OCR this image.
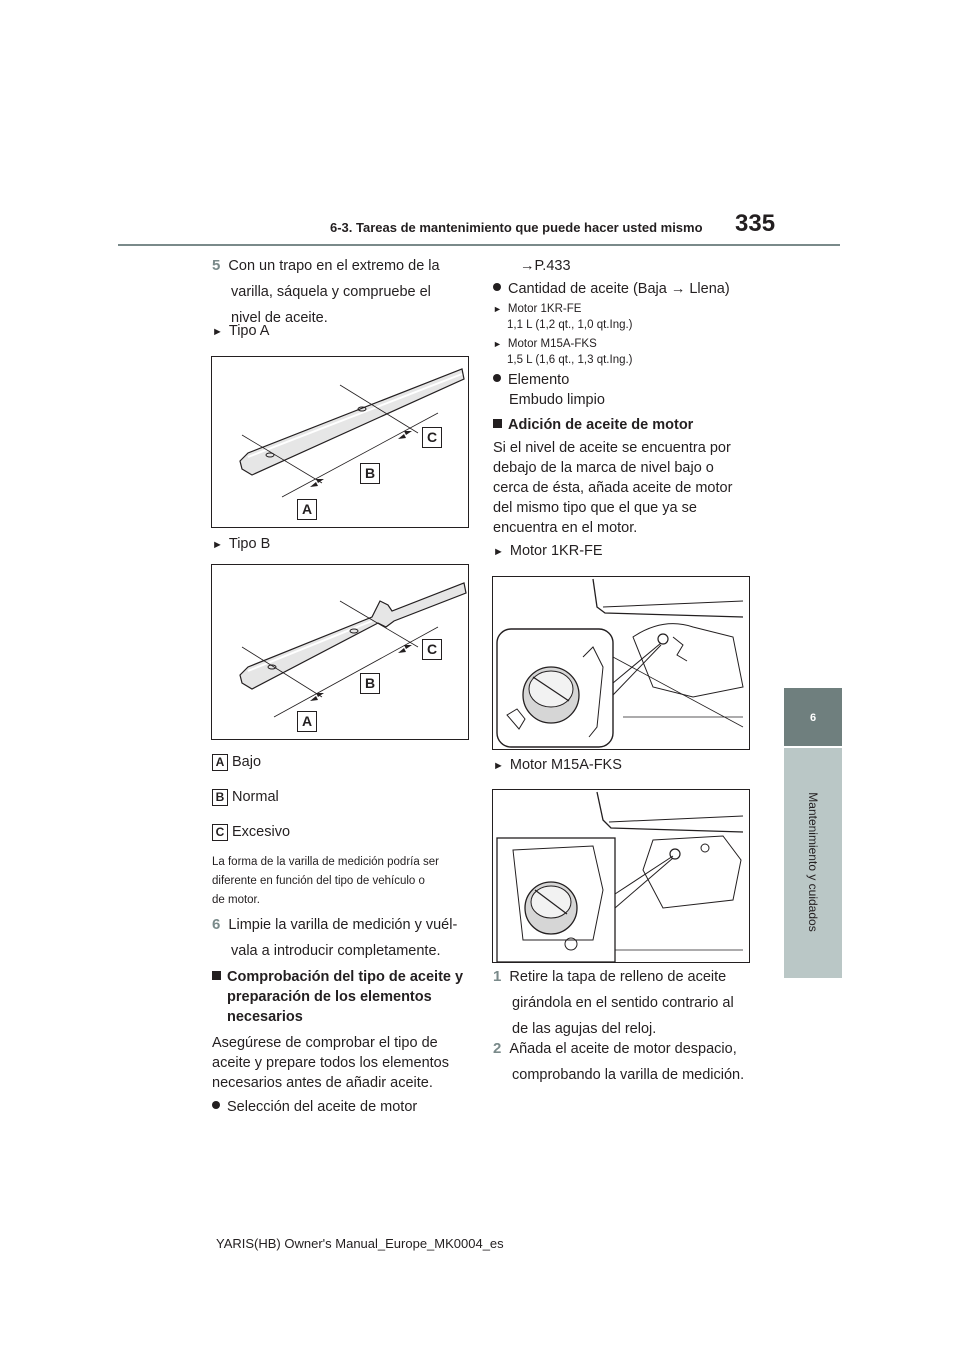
6-3. Tareas de mantenimiento que puede hacer usted mismo 335
6
Mantenimiento y cuidados
5 Con un trapo en el extremo de la
varilla, sáquela y compruebe el
nivel de aceite.
► Tipo A
C
B
A
► Tipo B
C
B
A
A Bajo
B Normal
C Excesivo
La forma de la varilla de medición podría ser
diferente en función del tipo de vehículo o
de motor.
6 Limpie la varilla de medición y vuél-
vala a introducir completamente.
Comprobación del tipo de aceite y
preparación de los elementos
necesarios
Asegúrese de comprobar el tipo de
aceite y prepare todos los elementos
necesarios antes de añadir aceite.
Selección del aceite de motor
→P.433
Cantidad de aceite (Baja → Llena)
► Motor 1KR-FE
1,1 L (1,2 qt., 1,0 qt.Ing.)
► Motor M15A-FKS
1,5 L (1,6 qt., 1,3 qt.Ing.)
Elemento
Embudo limpio
Adición de aceite de motor
Si el nivel de aceite se encuentra por
debajo de la marca de nivel bajo o
cerca de ésta, añada aceite de motor
del mismo tipo que el que ya se
encuentra en el motor.
► Motor 1KR-FE
► Motor M15A-FKS
1 Retire la tapa de relleno de aceite
girándola en el sentido contrario al
de las agujas del reloj.
2 Añada el aceite de motor despacio,
comprobando la varilla de medición.
YARIS(HB) Owner's Manual_Europe_MK0004_es
